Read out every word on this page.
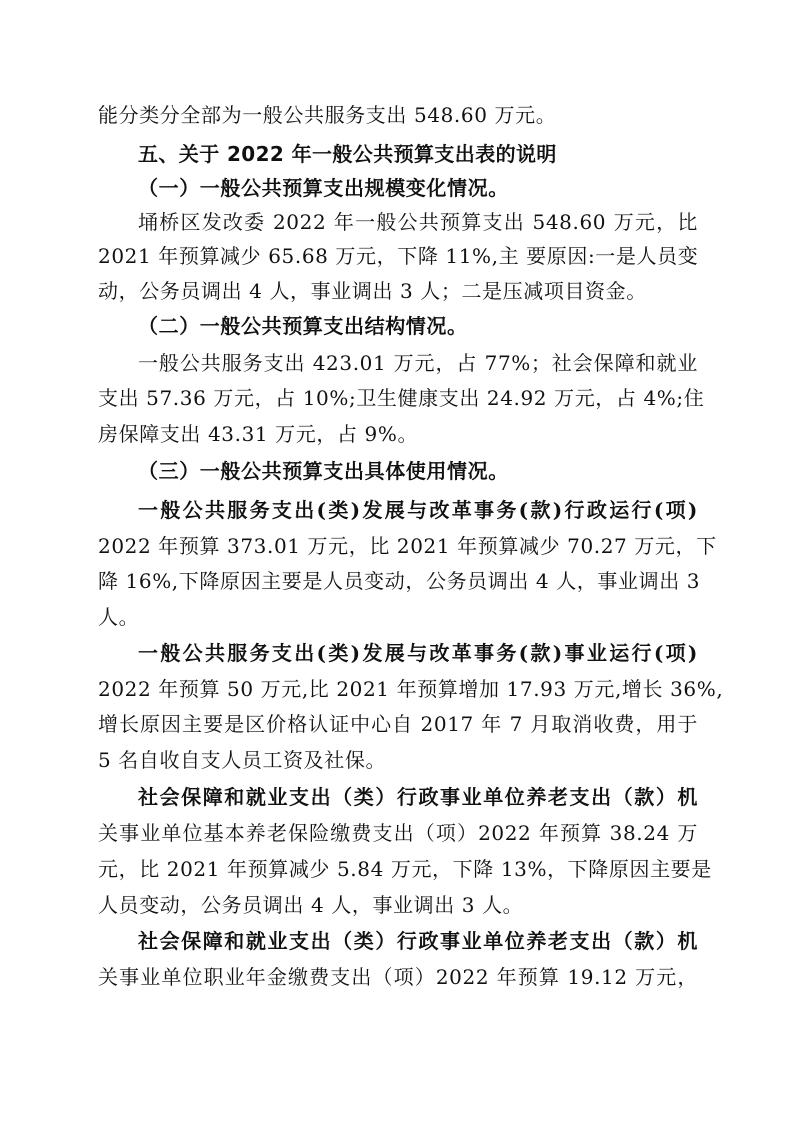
能分类分全部为一般公共服务支出 548.60 万元。
五、关于 2022 年一般公共预算支出表的说明
（一）一般公共预算支出规模变化情况。
埇桥区发改委 2022 年一般公共预算支出 548.60 万元，比
2021 年预算减少 65.68 万元，下降 11%,主 要原因:一是人员变
动，公务员调出 4 人，事业调出 3 人；二是压减项目资金。
（二）一般公共预算支出结构情况。
一般公共服务支出 423.01 万元，占 77%；社会保障和就业
支出 57.36 万元，占 10%;卫生健康支出 24.92 万元，占 4%;住
房保障支出 43.31 万元，占 9%。
（三）一般公共预算支出具体使用情况。
一般公共服务支出(类)发展与改革事务(款)行政运行(项)
2022 年预算 373.01 万元，比 2021 年预算减少 70.27 万元，下
降 16%,下降原因主要是人员变动，公务员调出 4 人，事业调出 3
人。
一般公共服务支出(类)发展与改革事务(款)事业运行(项)
2022 年预算 50 万元,比 2021 年预算增加 17.93 万元,增长 36%,
增长原因主要是区价格认证中心自 2017 年 7 月取消收费，用于
5 名自收自支人员工资及社保。
社会保障和就业支出（类）行政事业单位养老支出（款）机
关事业单位基本养老保险缴费支出（项）2022 年预算 38.24 万
元，比 2021 年预算减少 5.84 万元，下降 13%，下降原因主要是
人员变动，公务员调出 4 人，事业调出 3 人。
社会保障和就业支出（类）行政事业单位养老支出（款）机
关事业单位职业年金缴费支出（项）2022 年预算 19.12 万元，
